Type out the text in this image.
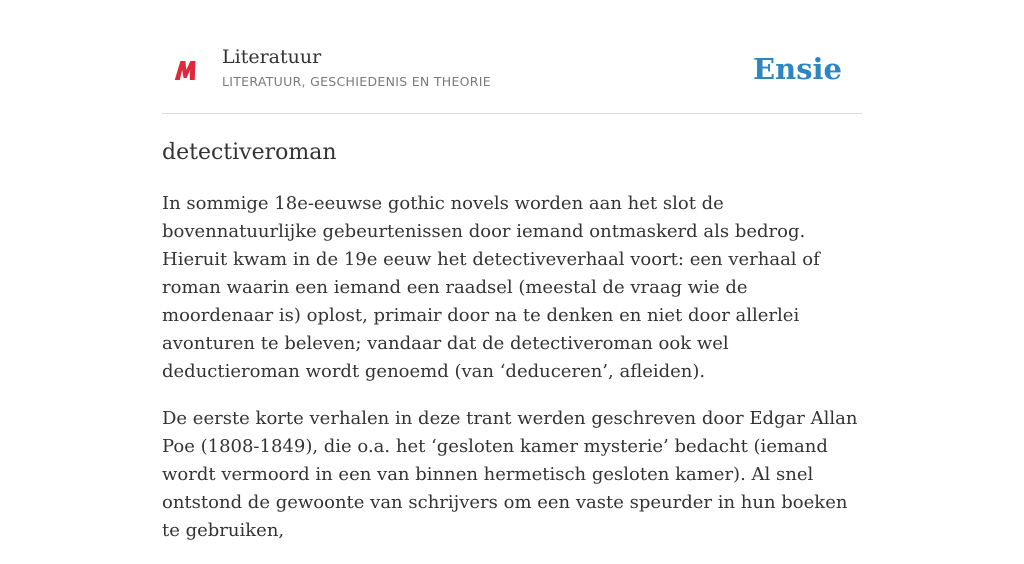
Literatuur
LITERATUUR, GESCHIEDENIS EN THEORIE	Ensie
detectiveroman

In sommige 18e-eeuwse gothic novels worden aan het slot de bovennatuurlijke gebeurtenissen door iemand ontmaskerd als bedrog. Hieruit kwam in de 19e eeuw het detectiveverhaal voort: een verhaal of roman waarin een iemand een raadsel (meestal de vraag wie de moordenaar is) oplost, primair door na te denken en niet door allerlei avonturen te beleven; vandaar dat de detectiveroman ook wel deductieroman wordt genoemd (van ‘deduceren’, afleiden).

De eerste korte verhalen in deze trant werden geschreven door Edgar Allan Poe (1808-1849), die o.a. het ‘gesloten kamer mysterie’ bedacht (iemand wordt vermoord in een van binnen hermetisch gesloten kamer). Al snel ontstond de gewoonte van schrijvers om een vaste speurder in hun boeken te gebruiken,
